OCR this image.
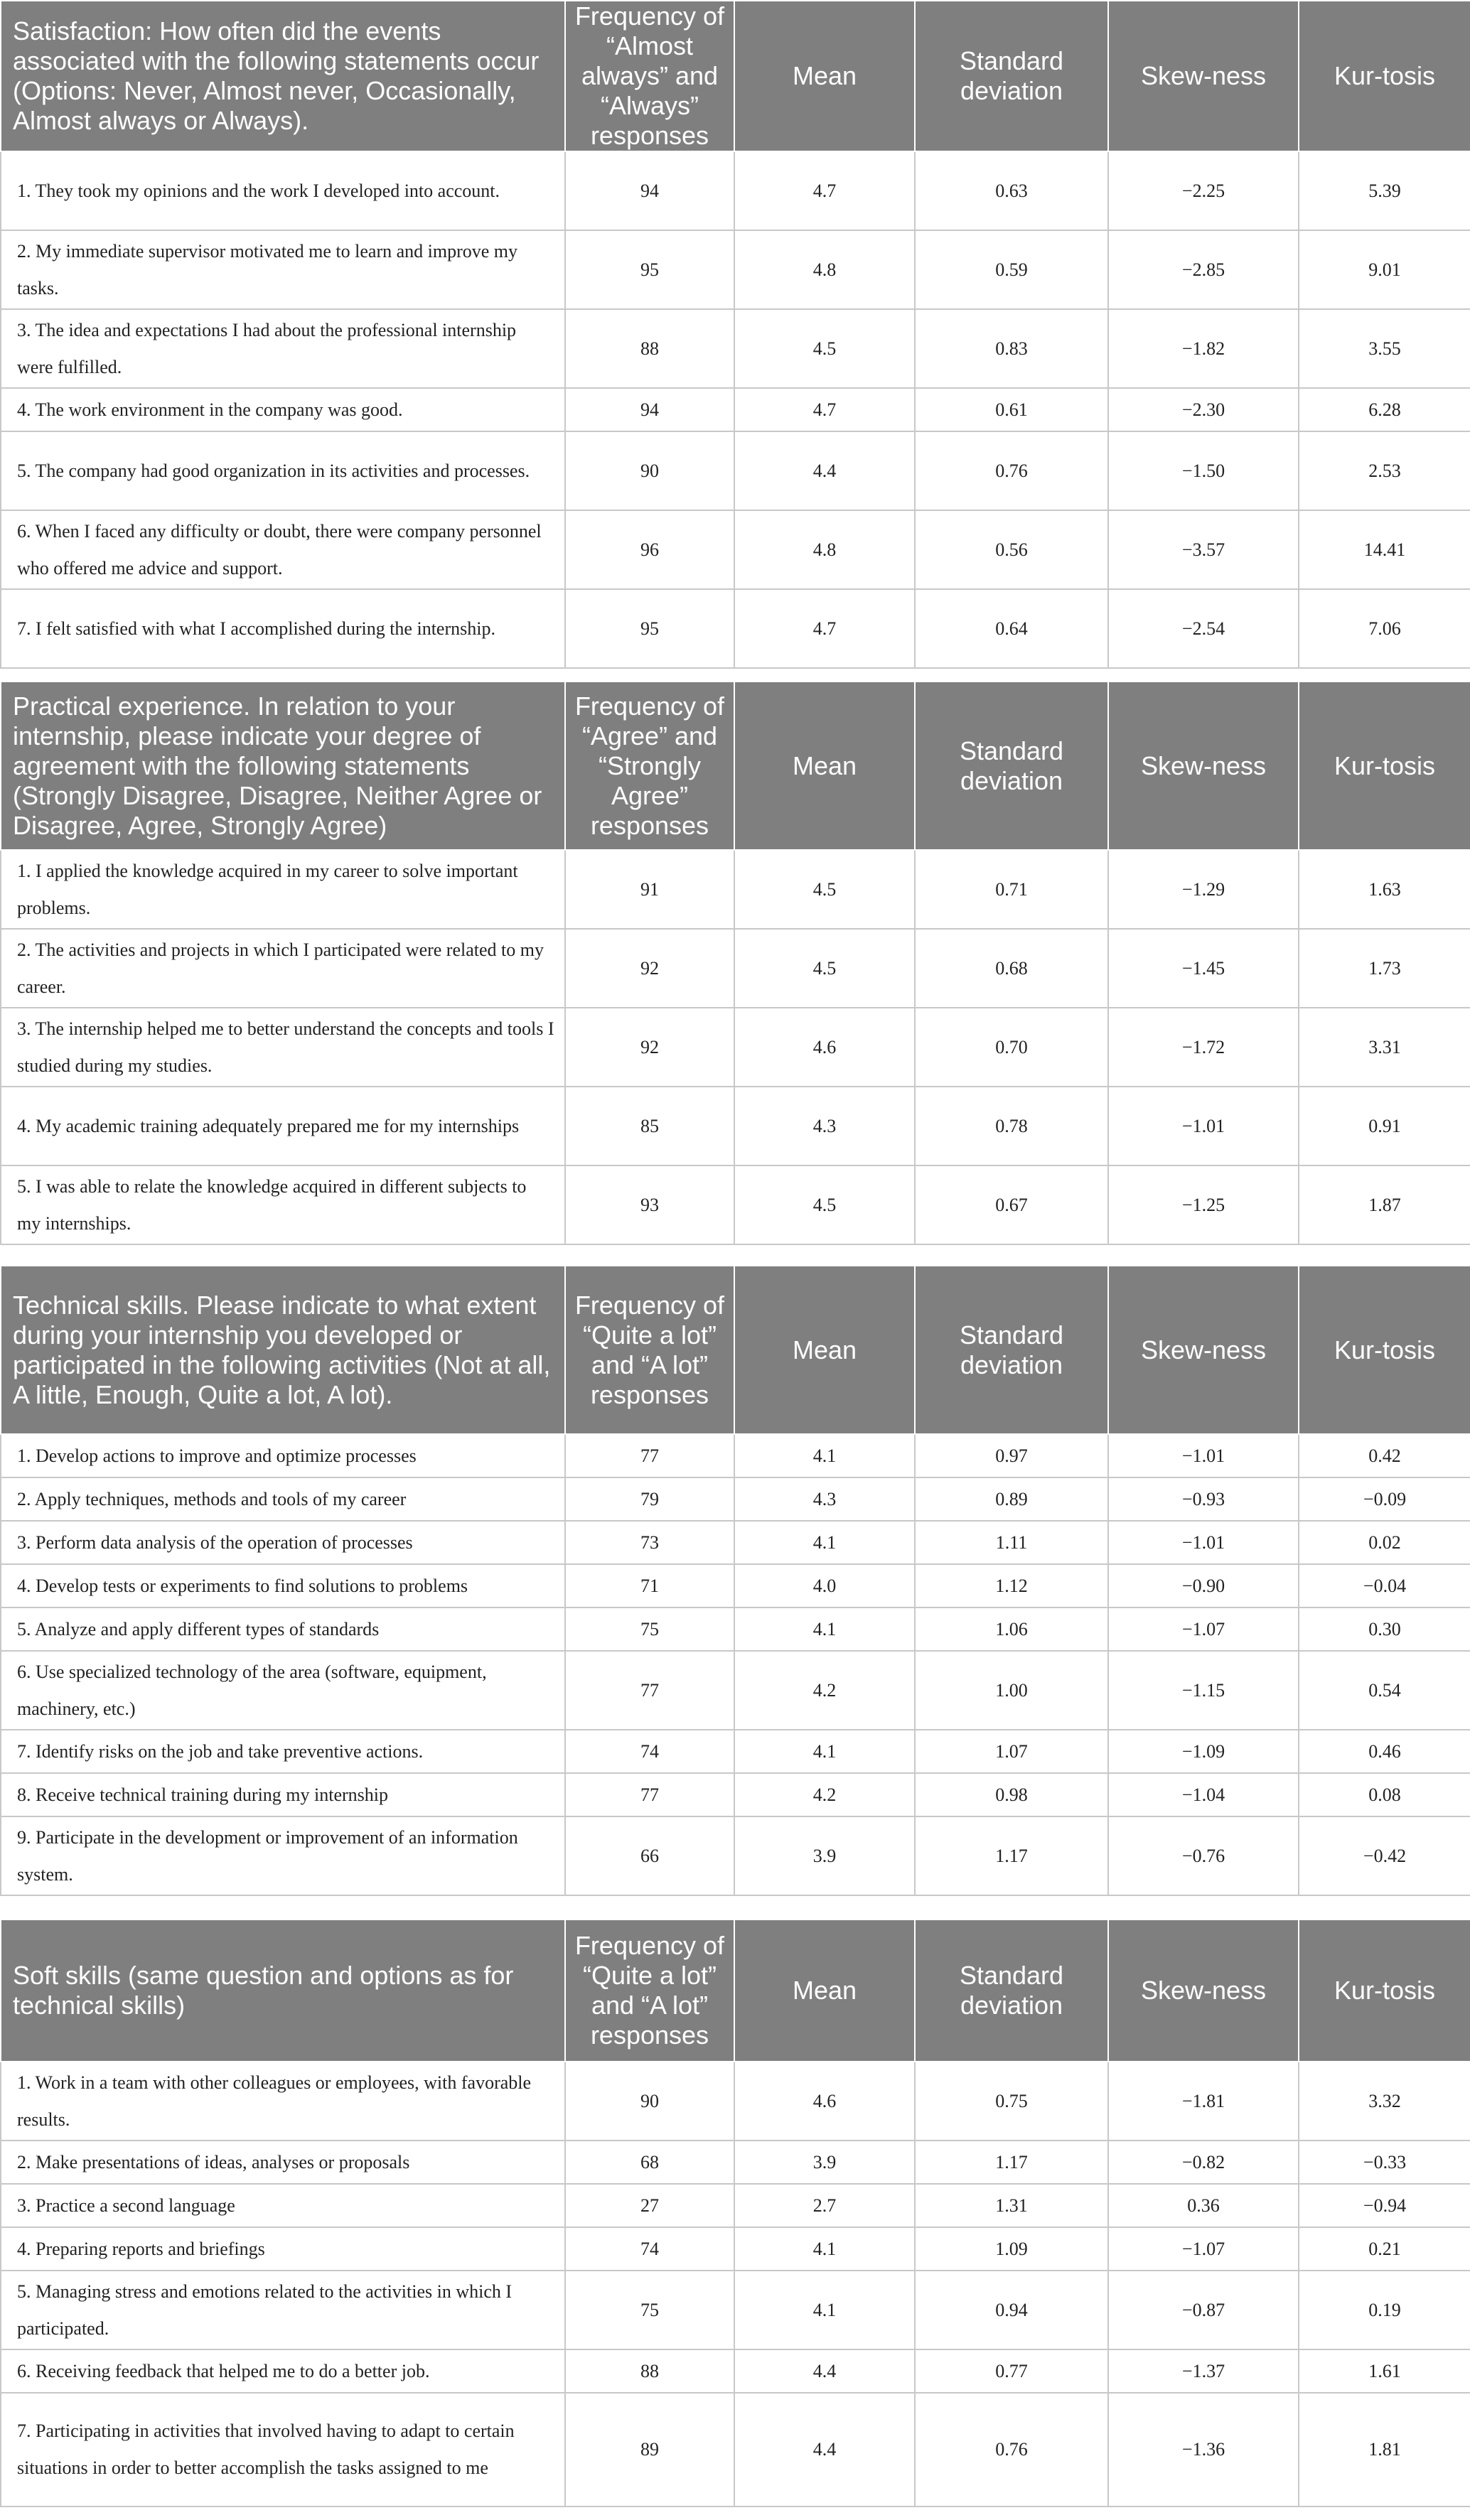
Satisfaction: How often did the events associated with the following statements occur (Options: Never, Almost never, Occasionally, Almost always or Always).	Frequency of “Almost always” and “Always” responses	Mean	Standard deviation	Skew-ness	Kur-tosis
1. They took my opinions and the work I developed into account.	94	4.7	0.63	−2.25	5.39
2. My immediate supervisor motivated me to learn and improve my tasks.	95	4.8	0.59	−2.85	9.01
3. The idea and expectations I had about the professional internship were fulfilled.	88	4.5	0.83	−1.82	3.55
4. The work environment in the company was good.	94	4.7	0.61	−2.30	6.28
5. The company had good organization in its activities and processes.	90	4.4	0.76	−1.50	2.53
6. When I faced any difficulty or doubt, there were company personnel who offered me advice and support.	96	4.8	0.56	−3.57	14.41
7. I felt satisfied with what I accomplished during the internship.	95	4.7	0.64	−2.54	7.06
Practical experience. In relation to your internship, please indicate your degree of agreement with the following statements (Strongly Disagree, Disagree, Neither Agree or Disagree, Agree, Strongly Agree)	Frequency of “Agree” and “Strongly Agree” responses	Mean	Standard deviation	Skew-ness	Kur-tosis
1. I applied the knowledge acquired in my career to solve important problems.	91	4.5	0.71	−1.29	1.63
2. The activities and projects in which I participated were related to my career.	92	4.5	0.68	−1.45	1.73
3. The internship helped me to better understand the concepts and tools I studied during my studies.	92	4.6	0.70	−1.72	3.31
4. My academic training adequately prepared me for my internships	85	4.3	0.78	−1.01	0.91
5. I was able to relate the knowledge acquired in different subjects to my internships.	93	4.5	0.67	−1.25	1.87
Technical skills. Please indicate to what extent during your internship you developed or participated in the following activities (Not at all, A little, Enough, Quite a lot, A lot).	Frequency of “Quite a lot” and “A lot” responses	Mean	Standard deviation	Skew-ness	Kur-tosis
1. Develop actions to improve and optimize processes	77	4.1	0.97	−1.01	0.42
2. Apply techniques, methods and tools of my career	79	4.3	0.89	−0.93	−0.09
3. Perform data analysis of the operation of processes	73	4.1	1.11	−1.01	0.02
4. Develop tests or experiments to find solutions to problems	71	4.0	1.12	−0.90	−0.04
5. Analyze and apply different types of standards	75	4.1	1.06	−1.07	0.30
6. Use specialized technology of the area (software, equipment, machinery, etc.)	77	4.2	1.00	−1.15	0.54
7. Identify risks on the job and take preventive actions.	74	4.1	1.07	−1.09	0.46
8. Receive technical training during my internship	77	4.2	0.98	−1.04	0.08
9. Participate in the development or improvement of an information system.	66	3.9	1.17	−0.76	−0.42
Soft skills (same question and options as for technical skills)	Frequency of “Quite a lot” and “A lot” responses	Mean	Standard deviation	Skew-ness	Kur-tosis
1. Work in a team with other colleagues or employees, with favorable results.	90	4.6	0.75	−1.81	3.32
2. Make presentations of ideas, analyses or proposals	68	3.9	1.17	−0.82	−0.33
3. Practice a second language	27	2.7	1.31	0.36	−0.94
4. Preparing reports and briefings	74	4.1	1.09	−1.07	0.21
5. Managing stress and emotions related to the activities in which I participated.	75	4.1	0.94	−0.87	0.19
6. Receiving feedback that helped me to do a better job.	88	4.4	0.77	−1.37	1.61
7. Participating in activities that involved having to adapt to certain situations in order to better accomplish the tasks assigned to me	89	4.4	0.76	−1.36	1.81
